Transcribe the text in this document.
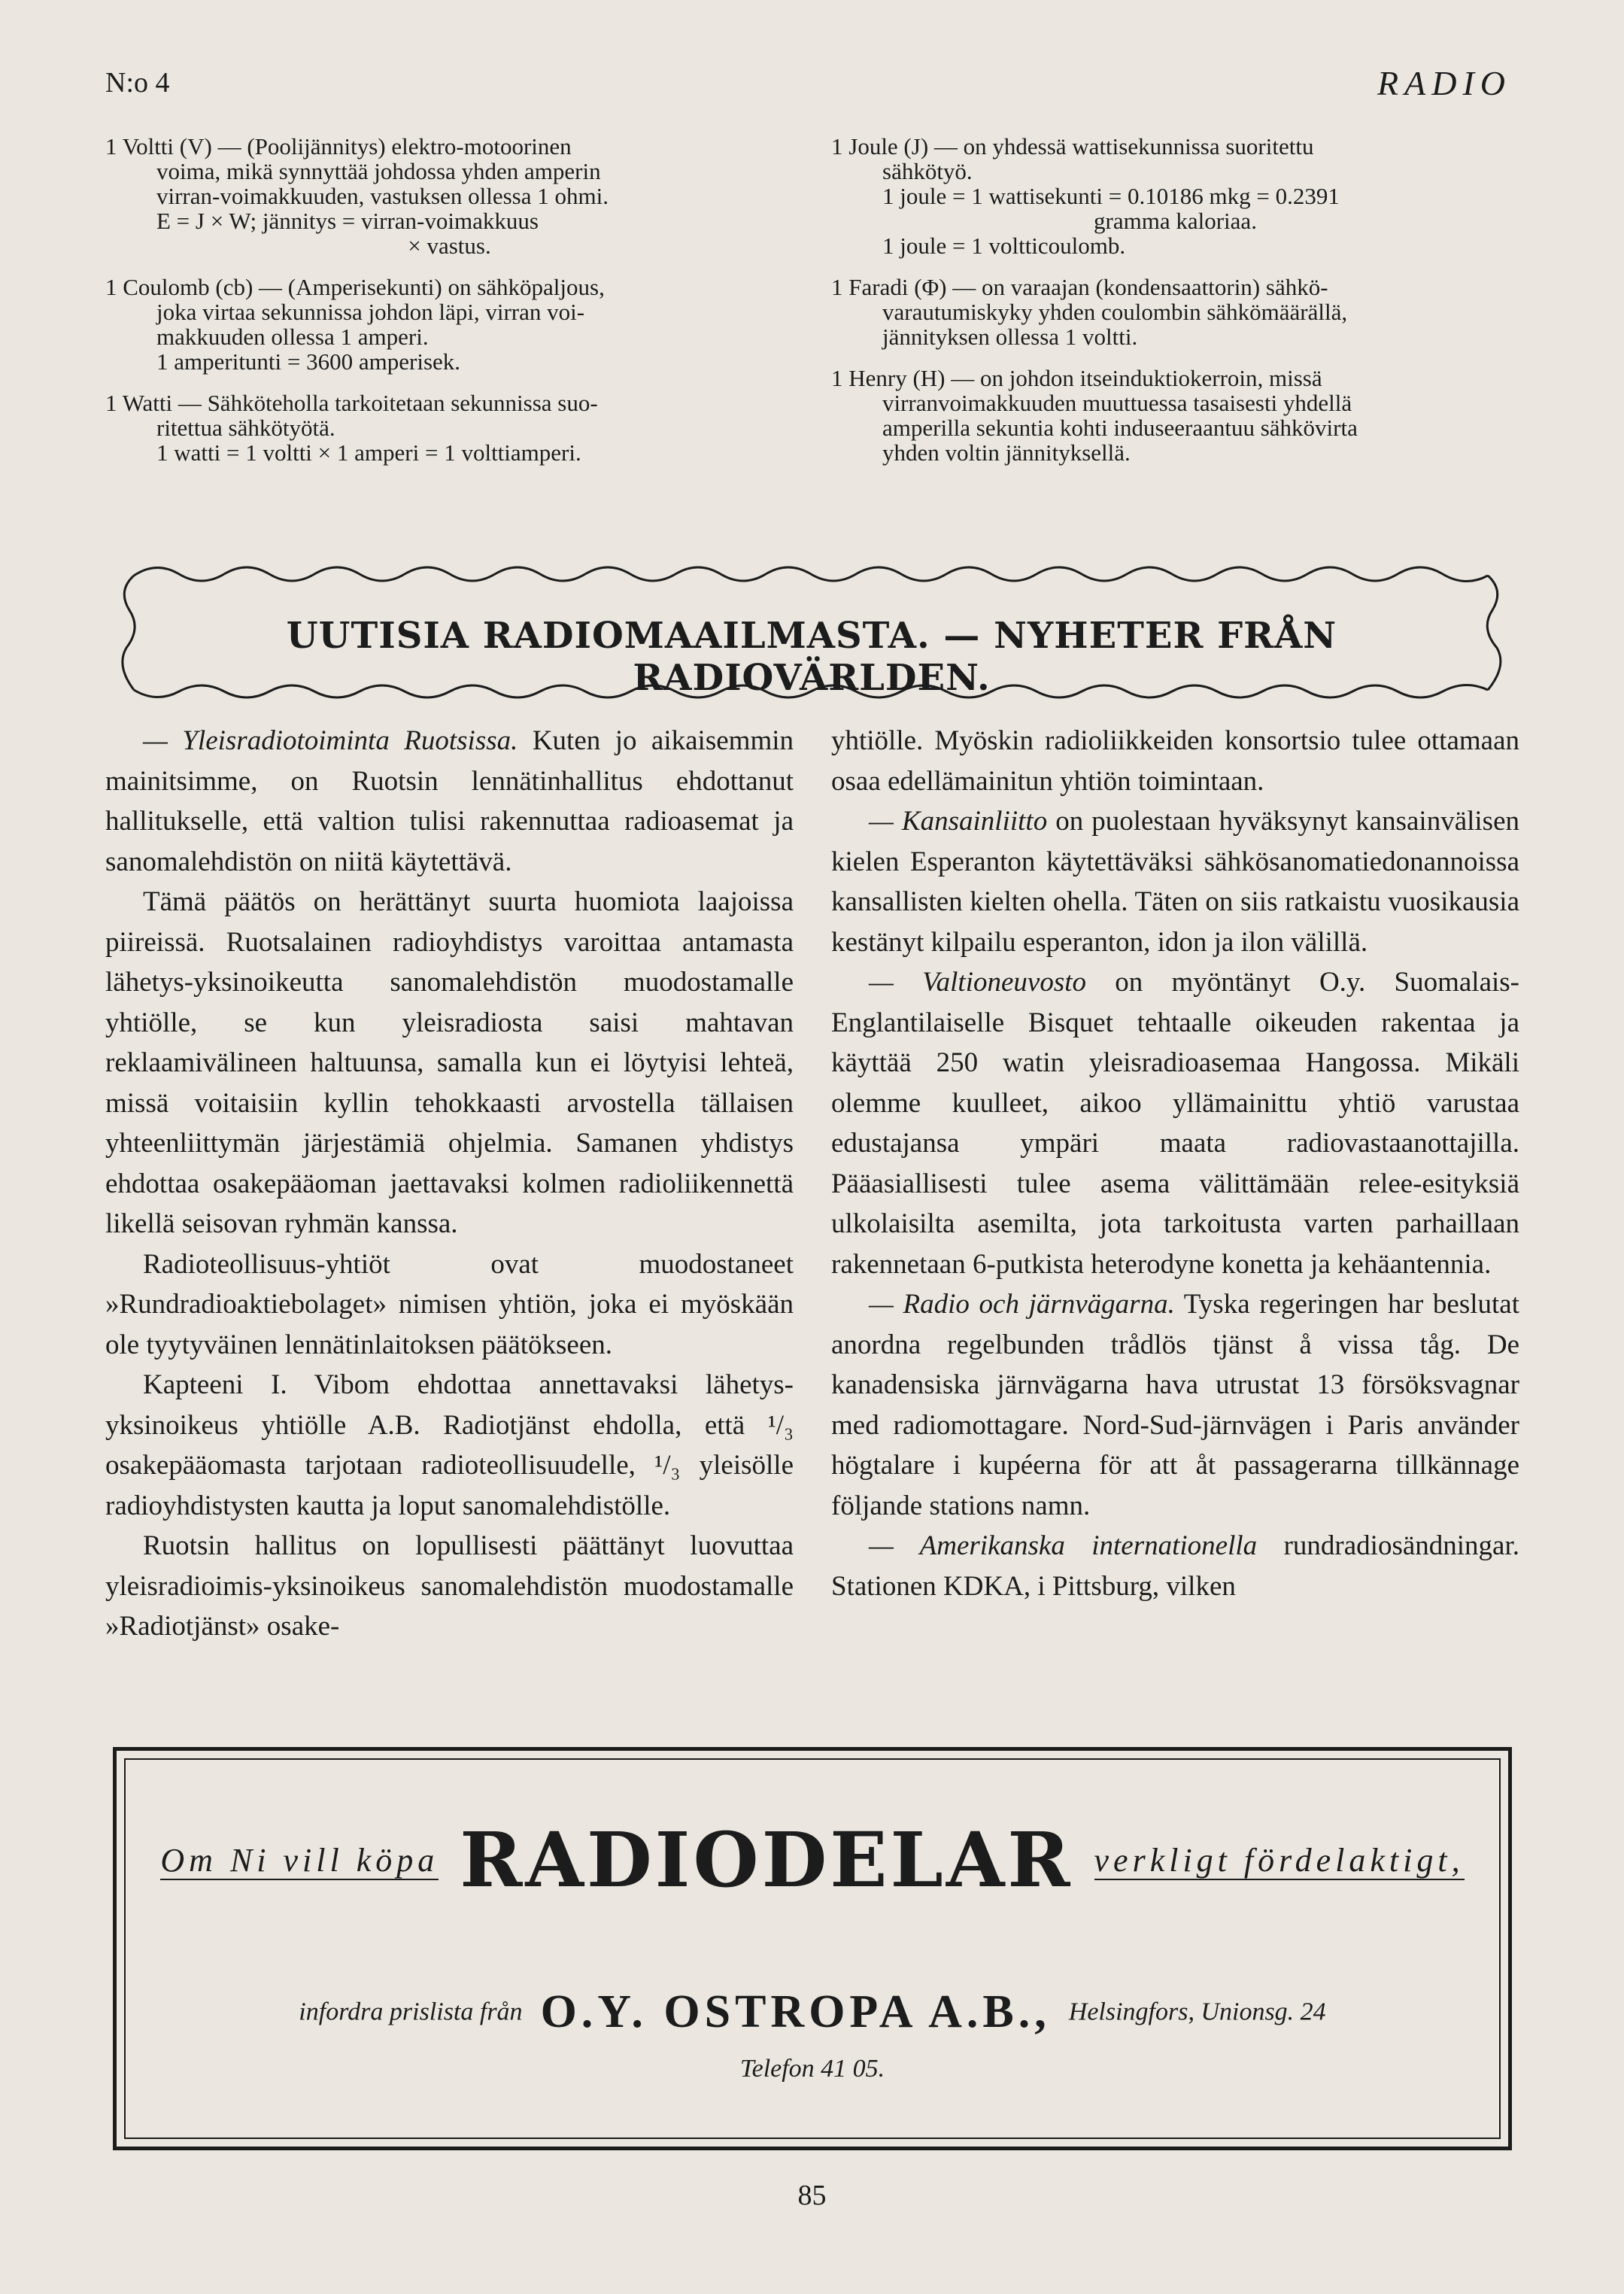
N:o 4	RADIO

1 Voltti (V) — (Poolijännitys) elektro-motoorinen

voima, mikä synnyttää johdossa yhden amperin

virran-voimakkuuden, vastuksen ollessa 1 ohmi.

E = J × W; jännitys = virran-voimakkuus

× vastus.

1 Coulomb (cb) — (Amperisekunti) on sähköpaljous,

joka virtaa sekunnissa johdon läpi, virran voi-

makkuuden ollessa 1 amperi.

1 amperitunti = 3600 amperisek.

1 Watti — Sähköteholla tarkoitetaan sekunnissa suo-

ritettua sähkötyötä.

1 watti = 1 voltti × 1 amperi = 1 volttiamperi.

1 Joule (J) — on yhdessä wattisekunnissa suoritettu

sähkötyö.

1 joule = 1 wattisekunti = 0.10186 mkg = 0.2391

gramma kaloriaa.

1 joule = 1 voltticoulomb.

1 Faradi (Φ) — on varaajan (kondensaattorin) sähkö-

varautumiskyky yhden coulombin sähkömäärällä,

jännityksen ollessa 1 voltti.

1 Henry (H) — on johdon itseinduktiokerroin, missä

virranvoimakkuuden muuttuessa tasaisesti yhdellä

amperilla sekuntia kohti induseeraantuu sähkövirta

yhden voltin jännityksellä.

UUTISIA RADIOMAAILMASTA. — NYHETER FRÅN RADIOVÄRLDEN.

— Yleisradiotoiminta Ruotsissa. Kuten jo aikaisemmin mainitsimme, on Ruotsin lennätinhallitus ehdottanut hallitukselle, että valtion tulisi rakennuttaa radioasemat ja sanomalehdistön on niitä käytettävä.

Tämä päätös on herättänyt suurta huomiota laajoissa piireissä. Ruotsalainen radioyhdistys varoittaa antamasta lähetys-yksinoikeutta sanomalehdistön muodostamalle yhtiölle, se kun yleisradiosta saisi mahtavan reklaamivälineen haltuunsa, samalla kun ei löytyisi lehteä, missä voitaisiin kyllin tehokkaasti arvostella tällaisen yhteenliittymän järjestämiä ohjelmia. Samanen yhdistys ehdottaa osakepääoman jaettavaksi kolmen radioliikennettä likellä seisovan ryhmän kanssa.

Radioteollisuus-yhtiöt ovat muodostaneet »Rundradioaktiebolaget» nimisen yhtiön, joka ei myöskään ole tyytyväinen lennätinlaitoksen päätökseen.

Kapteeni I. Vibom ehdottaa annettavaksi lähetys-yksinoikeus yhtiölle A.B. Radiotjänst ehdolla, että ¹/₃ osakepääomasta tarjotaan radioteollisuudelle, ¹/₃ yleisölle radioyhdistysten kautta ja loput sanomalehdistölle.

Ruotsin hallitus on lopullisesti päättänyt luovuttaa yleisradioimis-yksinoikeus sanomalehdistön muodostamalle »Radiotjänst» osake-

yhtiölle. Myöskin radioliikkeiden konsortsio tulee ottamaan osaa edellämainitun yhtiön toimintaan.

— Kansainliitto on puolestaan hyväksynyt kansainvälisen kielen Esperanton käytettäväksi sähkösanomatiedonannoissa kansallisten kielten ohella. Täten on siis ratkaistu vuosikausia kestänyt kilpailu esperanton, idon ja ilon välillä.

— Valtioneuvosto on myöntänyt O.y. Suomalais-Englantilaiselle Bisquet tehtaalle oikeuden rakentaa ja käyttää 250 watin yleisradioasemaa Hangossa. Mikäli olemme kuulleet, aikoo yllämainittu yhtiö varustaa edustajansa ympäri maata radiovastaanottajilla. Pääasiallisesti tulee asema välittämään relee-esityksiä ulkolaisilta asemilta, jota tarkoitusta varten parhaillaan rakennetaan 6-putkista heterodyne konetta ja kehäantennia.

— Radio och järnvägarna. Tyska regeringen har beslutat anordna regelbunden trådlös tjänst å vissa tåg. De kanadensiska järnvägarna hava utrustat 13 försöksvagnar med radiomottagare. Nord-Sud-järnvägen i Paris använder högtalare i kupéerna för att åt passagerarna tillkännage följande stations namn.

— Amerikanska internationella rundradiosändningar. Stationen KDKA, i Pittsburg, vilken

Om Ni vill köpa RADIODELAR verkligt fördelaktigt,
infordra prislista från O.Y. OSTROPA A.B., Helsingfors, Unionsg. 24
Telefon 41 05.
85
